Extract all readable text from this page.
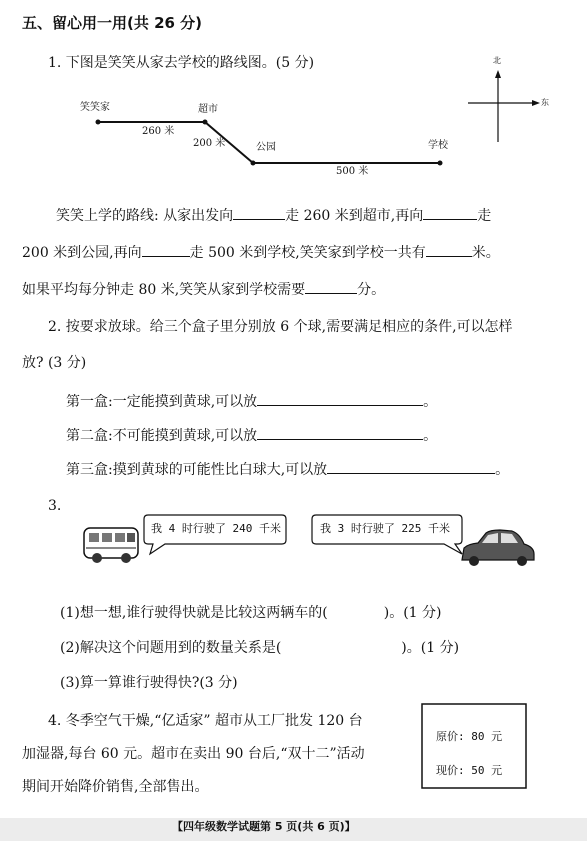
五、留心用一用(共 26 分)
1. 下图是笑笑从家去学校的路线图。(5 分)
笑笑家	超市
公园	学校
260 米
200 米
500 米
北
东
笑笑上学的路线: 从家出发向	走 260 米到超市,再向	走
200 米到公园,再向	走 500 米到学校,笑笑家到学校一共有	米。
如果平均每分钟走 80 米,笑笑从家到学校需要	分。
2. 按要求放球。给三个盒子里分别放 6 个球,需要满足相应的条件,可以怎样
放? (3 分)
第一盒:一定能摸到黄球,可以放	。
第二盒:不可能摸到黄球,可以放	。
第三盒:摸到黄球的可能性比白球大,可以放	。
3.
我 4 时行驶了 240 千米	我 3 时行驶了 225 千米
(1)想一想,谁行驶得快就是比较这两辆车的(	)。(1 分)
(2)解决这个问题用到的数量关系是(	)。(1 分)
(3)算一算谁行驶得快?(3 分)
4. 冬季空气干燥,“亿适家” 超市从工厂批发 120 台
加湿器,每台 60 元。超市在卖出 90 台后,“双十二”活动
期间开始降价销售,全部售出。
原价: 80 元
现价: 50 元
【四年级数学试题第 5 页(共 6 页)】
